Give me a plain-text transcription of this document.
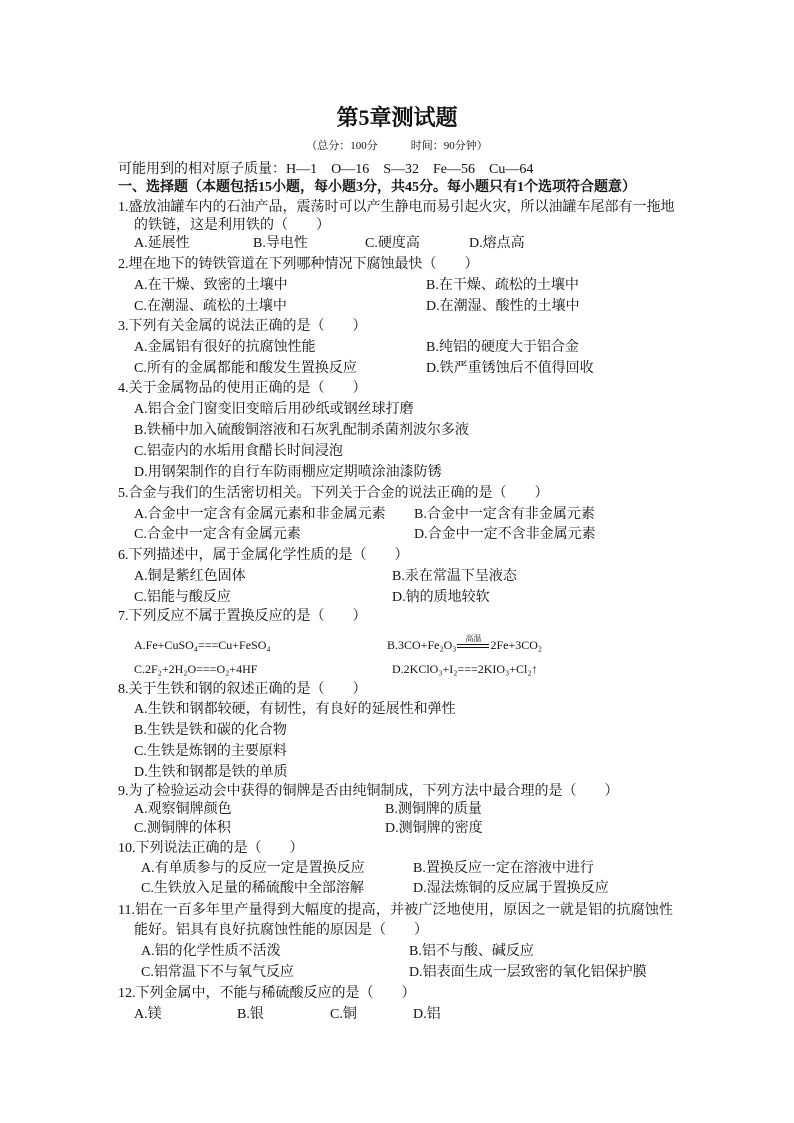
第5章测试题
（总分：100分　　　时间：90分钟）
可能用到的相对原子质量：H—1　O—16　S—32　Fe—56　Cu—64
一、选择题（本题包括15小题，每小题3分，共45分。每小题只有1个选项符合题意）
1.盛放油罐车内的石油产品，震荡时可以产生静电而易引起火灾，所以油罐车尾部有一拖地
的铁链，这是利用铁的（　　）
A.延展性	B.导电性	C.硬度高	D.熔点高
2.埋在地下的铸铁管道在下列哪种情况下腐蚀最快（　　）
A.在干燥、致密的土壤中	B.在干燥、疏松的土壤中
C.在潮湿、疏松的土壤中	D.在潮湿、酸性的土壤中
3.下列有关金属的说法正确的是（　　）
A.金属铝有很好的抗腐蚀性能	B.纯铝的硬度大于铝合金
C.所有的金属都能和酸发生置换反应	D.铁严重锈蚀后不值得回收
4.关于金属物品的使用正确的是（　　）
A.铝合金门窗变旧变暗后用砂纸或钢丝球打磨
B.铁桶中加入硫酸铜溶液和石灰乳配制杀菌剂波尔多液
C.铝壶内的水垢用食醋长时间浸泡
D.用钢架制作的自行车防雨棚应定期喷涂油漆防锈
5.合金与我们的生活密切相关。下列关于合金的说法正确的是（　　）
A.合金中一定含有金属元素和非金属元素 B.合金中一定含有非金属元素
C.合金中一定含有金属元素	D.合金中一定不含非金属元素
6.下列描述中，属于金属化学性质的是（　　）
A.铜是紫红色固体	B.汞在常温下呈液态
C.铝能与酸反应	D.钠的质地较软
7.下列反应不属于置换反应的是（　　）
A.Fe+CuSO₄===Cu+FeSO₄	B.3CO+Fe₂O₃	高温 2Fe+3CO₂
C.2F₂+2H₂O===O₂+4HF	D.2KClO₃+I₂===2KIO₃+Cl₂↑
8.关于生铁和钢的叙述正确的是（　　）
A.生铁和钢都较硬，有韧性，有良好的延展性和弹性
B.生铁是铁和碳的化合物
C.生铁是炼钢的主要原料
D.生铁和钢都是铁的单质
9.为了检验运动会中获得的铜牌是否由纯铜制成，下列方法中最合理的是（　　）
A.观察铜牌颜色	B.测铜牌的质量
C.测铜牌的体积	D.测铜牌的密度
10.下列说法正确的是（　　）
A.有单质参与的反应一定是置换反应	B.置换反应一定在溶液中进行
C.生铁放入足量的稀硫酸中全部溶解	D.湿法炼铜的反应属于置换反应
11.铝在一百多年里产量得到大幅度的提高，并被广泛地使用，原因之一就是铝的抗腐蚀性
能好。铝具有良好抗腐蚀性能的原因是（　　）
A.铝的化学性质不活泼	B.铝不与酸、碱反应
C.铝常温下不与氧气反应	D.铝表面生成一层致密的氧化铝保护膜
12.下列金属中，不能与稀硫酸反应的是（　　）
A.镁	B.银	C.铜	D.铝
